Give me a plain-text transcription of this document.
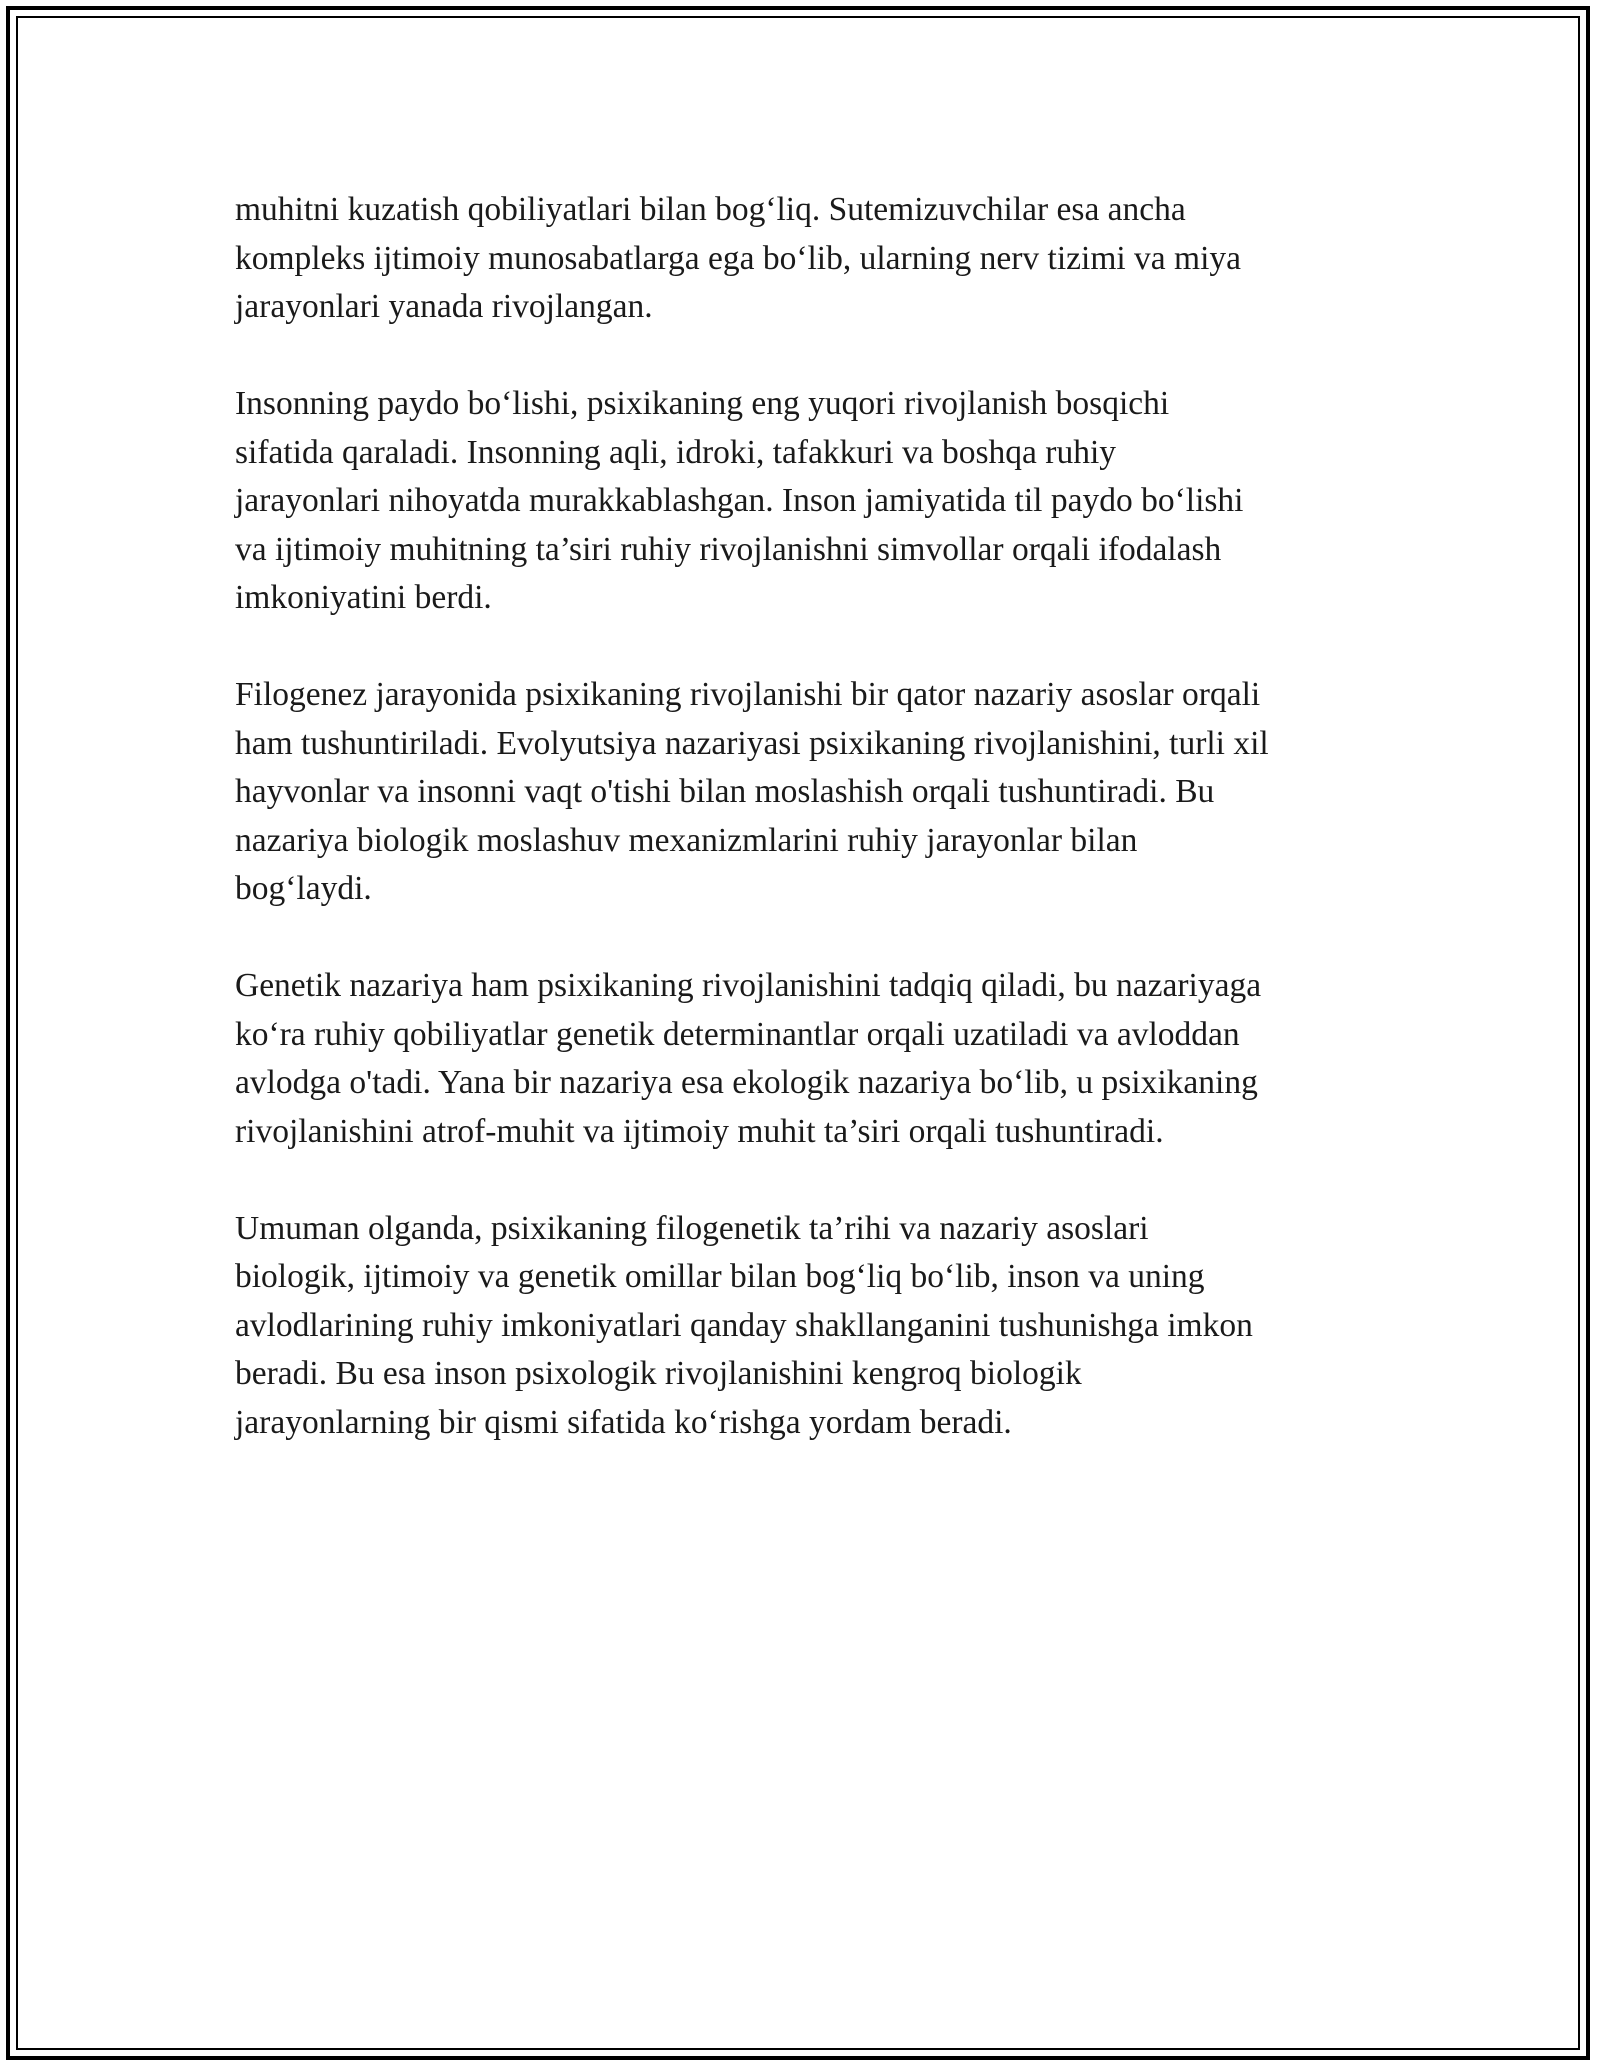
muhitni kuzatish qobiliyatlari bilan bog‘liq. Sutemizuvchilar esa ancha
kompleks ijtimoiy munosabatlarga ega bo‘lib, ularning nerv tizimi va miya
jarayonlari yanada rivojlangan.

Insonning paydo bo‘lishi, psixikaning eng yuqori rivojlanish bosqichi
sifatida qaraladi. Insonning aqli, idroki, tafakkuri va boshqa ruhiy
jarayonlari nihoyatda murakkablashgan. Inson jamiyatida til paydo bo‘lishi
va ijtimoiy muhitning ta’siri ruhiy rivojlanishni simvollar orqali ifodalash
imkoniyatini berdi.

Filogenez jarayonida psixikaning rivojlanishi bir qator nazariy asoslar orqali
ham tushuntiriladi. Evolyutsiya nazariyasi psixikaning rivojlanishini, turli xil
hayvonlar va insonni vaqt o'tishi bilan moslashish orqali tushuntiradi. Bu
nazariya biologik moslashuv mexanizmlarini ruhiy jarayonlar bilan
bog‘laydi.

Genetik nazariya ham psixikaning rivojlanishini tadqiq qiladi, bu nazariyaga
ko‘ra ruhiy qobiliyatlar genetik determinantlar orqali uzatiladi va avloddan
avlodga o'tadi. Yana bir nazariya esa ekologik nazariya bo‘lib, u psixikaning
rivojlanishini atrof-muhit va ijtimoiy muhit ta’siri orqali tushuntiradi.

Umuman olganda, psixikaning filogenetik ta’rihi va nazariy asoslari
biologik, ijtimoiy va genetik omillar bilan bog‘liq bo‘lib, inson va uning
avlodlarining ruhiy imkoniyatlari qanday shakllanganini tushunishga imkon
beradi. Bu esa inson psixologik rivojlanishini kengroq biologik
jarayonlarning bir qismi sifatida ko‘rishga yordam beradi.
